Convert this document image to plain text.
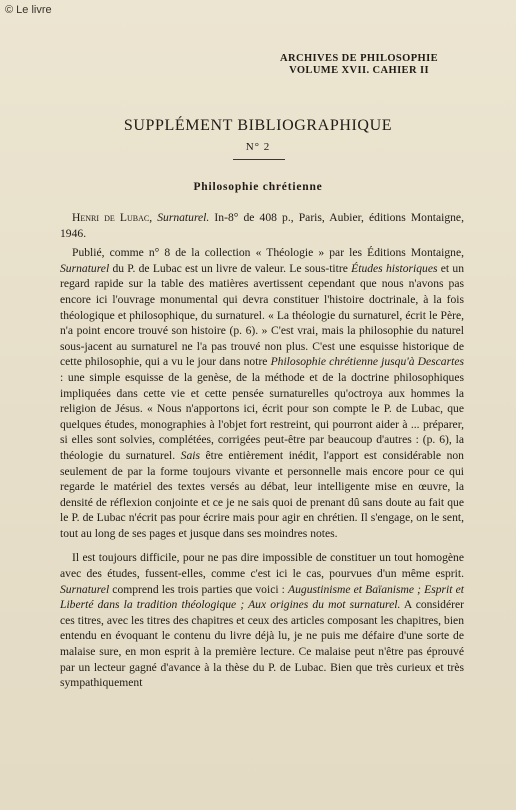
© Le livre
ARCHIVES DE PHILOSOPHIE
VOLUME XVII. CAHIER II
SUPPLÉMENT BIBLIOGRAPHIQUE
N° 2
Philosophie chrétienne

Henri de Lubac, Surnaturel. In-8° de 408 p., Paris, Aubier, éditions Montaigne, 1946.

Publié, comme n° 8 de la collection « Théologie » par les Éditions Montaigne, Surnaturel du P. de Lubac est un livre de valeur. Le sous-titre Études historiques et un regard rapide sur la table des matières avertissent cependant que nous n'avons pas encore ici l'ouvrage monumental qui devra constituer l'histoire doctrinale, à la fois théologique et philosophique, du surnaturel. « La théologie du surnaturel, écrit le Père, n'a point encore trouvé son histoire (p. 6). » C'est vrai, mais la philosophie du naturel sous-jacent au surnaturel ne l'a pas trouvé non plus. C'est une esquisse historique de cette philosophie, qui a vu le jour dans notre Philosophie chrétienne jusqu'à Descartes : une simple esquisse de la genèse, de la méthode et de la doctrine philosophiques impliquées dans cette vie et cette pensée surnaturelles qu'octroya aux hommes la religion de Jésus. « Nous n'apportons ici, écrit pour son compte le P. de Lubac, que quelques études, monographies à l'objet fort restreint, qui pourront aider à ... préparer, si elles sont solvies, complétées, corrigées peut-être par beaucoup d'autres : (p. 6), la théologie du surnaturel. Sais être entièrement inédit, l'apport est considérable non seulement de par la forme toujours vivante et personnelle mais encore pour ce qui regarde le matériel des textes versés au débat, leur intelligente mise en œuvre, la densité de réflexion conjointe et ce je ne sais quoi de prenant dû sans doute au fait que le P. de Lubac n'écrit pas pour écrire mais pour agir en chrétien. Il s'engage, on le sent, tout au long de ses pages et jusque dans ses moindres notes.

Il est toujours difficile, pour ne pas dire impossible de constituer un tout homogène avec des études, fussent-elles, comme c'est ici le cas, pourvues d'un même esprit. Surnaturel comprend les trois parties que voici : Augustinisme et Baïanisme ; Esprit et Liberté dans la tradition théologique ; Aux origines du mot surnaturel. A considérer ces titres, avec les titres des chapitres et ceux des articles composant les chapitres, bien entendu en évoquant le contenu du livre déjà lu, je ne puis me défaire d'une sorte de malaise sure, en mon esprit à la première lecture. Ce malaise peut n'être pas éprouvé par un lecteur gagné d'avance à la thèse du P. de Lubac. Bien que très curieux et très sympathiquement
